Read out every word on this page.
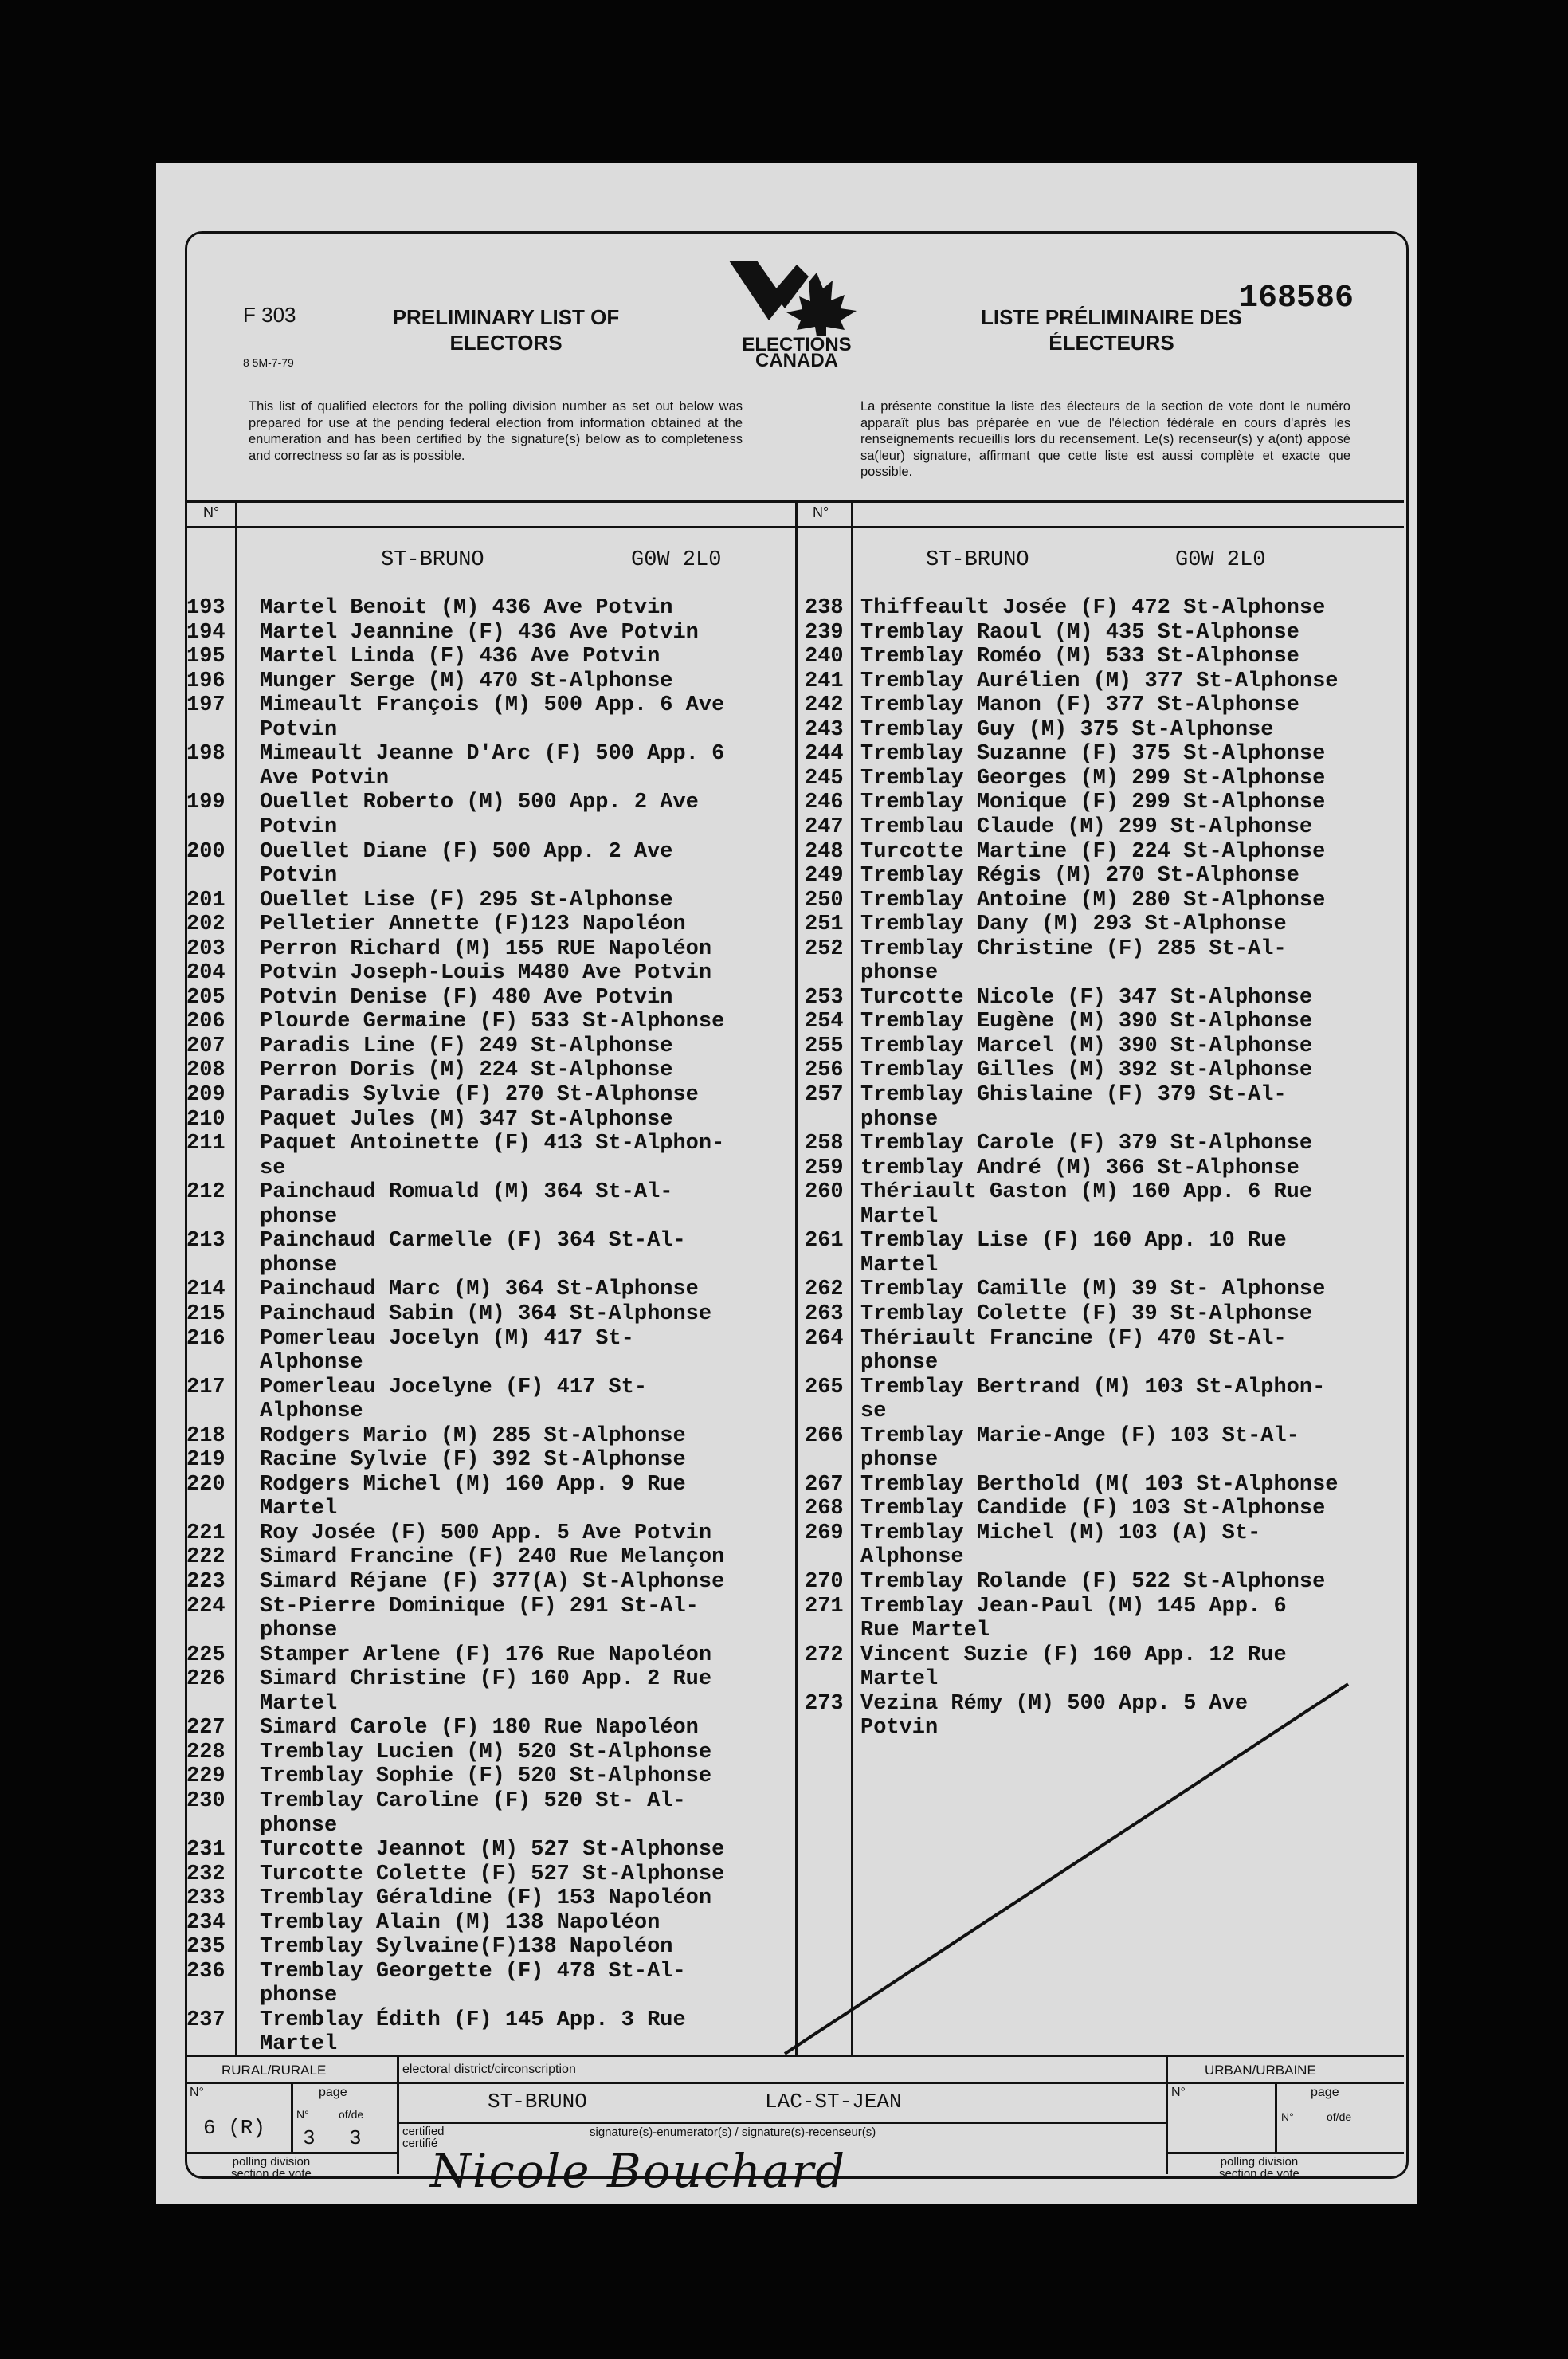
F 303
8 5M-7-79
PRELIMINARY LIST OF
ELECTORS
LISTE PRÉLIMINAIRE DES
ÉLECTEURS
168586
ELECTIONS
CANADA
This list of qualified electors for the polling division number as set out below was prepared for use at the pending federal election from information obtained at the enumeration and has been certified by the signature(s) below as to completeness and correctness so far as is possible.
La présente constitue la liste des électeurs de la section de vote dont le numéro apparaît plus bas préparée en vue de l'élection fédérale en cours d'après les renseignements recueillis lors du recensement. Le(s) recenseur(s) y a(ont) apposé sa(leur) signature, affirmant que cette liste est aussi complète et exacte que possible.
N°	N°
ST-BRUNO	G0W 2L0	ST-BRUNO	G0W 2L0
193 Martel Benoit (M) 436 Ave Potvin
194 Martel Jeannine (F) 436 Ave Potvin
195 Martel Linda (F) 436 Ave Potvin
196 Munger Serge (M) 470 St-Alphonse
197 Mimeault François (M) 500 App. 6 Ave
Potvin
198 Mimeault Jeanne D'Arc (F) 500 App. 6
Ave Potvin
199 Ouellet Roberto (M) 500 App. 2 Ave
Potvin
200 Ouellet Diane (F) 500 App. 2 Ave
Potvin
201 Ouellet Lise (F) 295 St-Alphonse
202 Pelletier Annette (F)123 Napoléon
203 Perron Richard (M) 155 RUE Napoléon
204 Potvin Joseph-Louis M480 Ave Potvin
205 Potvin Denise (F) 480 Ave Potvin
206 Plourde Germaine (F) 533 St-Alphonse
207 Paradis Line (F) 249 St-Alphonse
208 Perron Doris (M) 224 St-Alphonse
209 Paradis Sylvie (F) 270 St-Alphonse
210 Paquet Jules (M) 347 St-Alphonse
211 Paquet Antoinette (F) 413 St-Alphon-
se
212 Painchaud Romuald (M) 364 St-Al-
phonse
213 Painchaud Carmelle (F) 364 St-Al-
phonse
214 Painchaud Marc (M) 364 St-Alphonse
215 Painchaud Sabin (M) 364 St-Alphonse
216 Pomerleau Jocelyn (M) 417 St-
Alphonse
217 Pomerleau Jocelyne (F) 417 St-
Alphonse
218 Rodgers Mario (M) 285 St-Alphonse
219 Racine Sylvie (F) 392 St-Alphonse
220 Rodgers Michel (M) 160 App. 9 Rue
Martel
221 Roy Josée (F) 500 App. 5 Ave Potvin
222 Simard Francine (F) 240 Rue Melançon
223 Simard Réjane (F) 377(A) St-Alphonse
224 St-Pierre Dominique (F) 291 St-Al-
phonse
225 Stamper Arlene (F) 176 Rue Napoléon
226 Simard Christine (F) 160 App. 2 Rue
Martel
227 Simard Carole (F) 180 Rue Napoléon
228 Tremblay Lucien (M) 520 St-Alphonse
229 Tremblay Sophie (F) 520 St-Alphonse
230 Tremblay Caroline (F) 520 St- Al-
phonse
231 Turcotte Jeannot (M) 527 St-Alphonse
232 Turcotte Colette (F) 527 St-Alphonse
233 Tremblay Géraldine (F) 153 Napoléon
234 Tremblay Alain (M) 138 Napoléon
235 Tremblay Sylvaine(F)138 Napoléon
236 Tremblay Georgette (F) 478 St-Al-
phonse
237 Tremblay Édith (F) 145 App. 3 Rue
Martel
238 Thiffeault Josée (F) 472 St-Alphonse
239 Tremblay Raoul (M) 435 St-Alphonse
240 Tremblay Roméo (M) 533 St-Alphonse
241 Tremblay Aurélien (M) 377 St-Alphonse
242 Tremblay Manon (F) 377 St-Alphonse
243 Tremblay Guy (M) 375 St-Alphonse
244 Tremblay Suzanne (F) 375 St-Alphonse
245 Tremblay Georges (M) 299 St-Alphonse
246 Tremblay Monique (F) 299 St-Alphonse
247 Tremblau Claude (M) 299 St-Alphonse
248 Turcotte Martine (F) 224 St-Alphonse
249 Tremblay Régis (M) 270 St-Alphonse
250 Tremblay Antoine (M) 280 St-Alphonse
251 Tremblay Dany (M) 293 St-Alphonse
252 Tremblay Christine (F) 285 St-Al-
phonse
253 Turcotte Nicole (F) 347 St-Alphonse
254 Tremblay Eugène (M) 390 St-Alphonse
255 Tremblay Marcel (M) 390 St-Alphonse
256 Tremblay Gilles (M) 392 St-Alphonse
257 Tremblay Ghislaine (F) 379 St-Al-
phonse
258 Tremblay Carole (F) 379 St-Alphonse
259 tremblay André (M) 366 St-Alphonse
260 Thériault Gaston (M) 160 App. 6 Rue
Martel
261 Tremblay Lise (F) 160 App. 10 Rue
Martel
262 Tremblay Camille (M) 39 St- Alphonse
263 Tremblay Colette (F) 39 St-Alphonse
264 Thériault Francine (F) 470 St-Al-
phonse
265 Tremblay Bertrand (M) 103 St-Alphon-
se
266 Tremblay Marie-Ange (F) 103 St-Al-
phonse
267 Tremblay Berthold (M( 103 St-Alphonse
268 Tremblay Candide (F) 103 St-Alphonse
269 Tremblay Michel (M) 103 (A) St-
Alphonse
270 Tremblay Rolande (F) 522 St-Alphonse
271 Tremblay Jean-Paul (M) 145 App. 6
Rue Martel
272 Vincent Suzie (F) 160 App. 12 Rue
Martel
273 Vezina Rémy (M) 500 App. 5 Ave
Potvin
RURAL/RURALE	electoral district/circonscription	URBAN/URBAINE
N°	page
N°	of/de
6 (R) 3 3
polling division
section de vote
ST-BRUNO	LAC-ST-JEAN
certified
certifié
signature(s)-enumerator(s) / signature(s)-recenseur(s)
Nicole Bouchard
N°	page
N°	of/de
polling division
section de vote
